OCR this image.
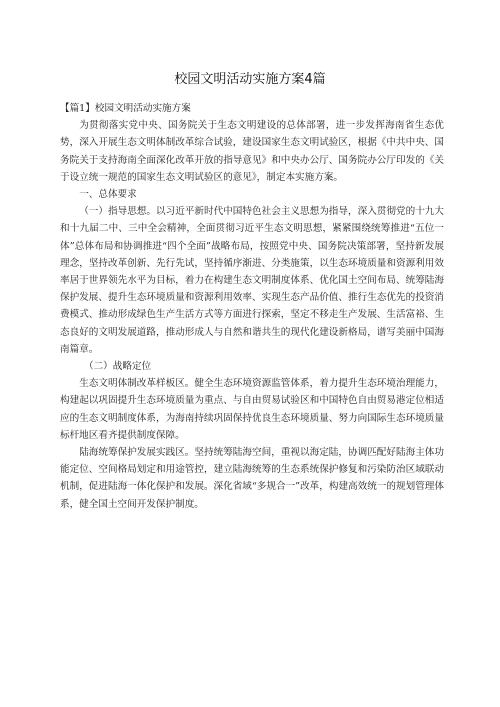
校园文明活动实施方案4篇

【篇1】校园文明活动实施方案

为贯彻落实党中央、国务院关于生态文明建设的总体部署，进一步发挥海南省生态优势，深入开展生态文明体制改革综合试验，建设国家生态文明试验区，根据《中共中央、国务院关于支持海南全面深化改革开放的指导意见》和中央办公厅、国务院办公厅印发的《关于设立统一规范的国家生态文明试验区的意见》，制定本实施方案。

一、总体要求

（一）指导思想。以习近平新时代中国特色社会主义思想为指导，深入贯彻党的十九大和十九届二中、三中全会精神，全面贯彻习近平生态文明思想，紧紧围绕统筹推进“五位一体”总体布局和协调推进“四个全面”战略布局，按照党中央、国务院决策部署，坚持新发展理念，坚持改革创新、先行先试，坚持循序渐进、分类施策，以生态环境质量和资源利用效率居于世界领先水平为目标，着力在构建生态文明制度体系、优化国土空间布局、统筹陆海保护发展、提升生态环境质量和资源利用效率、实现生态产品价值、推行生态优先的投资消费模式、推动形成绿色生产生活方式等方面进行探索，坚定不移走生产发展、生活富裕、生态良好的文明发展道路，推动形成人与自然和谐共生的现代化建设新格局，谱写美丽中国海南篇章。

（二）战略定位

生态文明体制改革样板区。健全生态环境资源监管体系，着力提升生态环境治理能力，构建起以巩固提升生态环境质量为重点、与自由贸易试验区和中国特色自由贸易港定位相适应的生态文明制度体系，为海南持续巩固保持优良生态环境质量、努力向国际生态环境质量标杆地区看齐提供制度保障。

陆海统筹保护发展实践区。坚持统筹陆海空间，重视以海定陆，协调匹配好陆海主体功能定位、空间格局划定和用途管控，建立陆海统筹的生态系统保护修复和污染防治区域联动机制，促进陆海一体化保护和发展。深化省域“多规合一”改革，构建高效统一的规划管理体系，健全国土空间开发保护制度。
